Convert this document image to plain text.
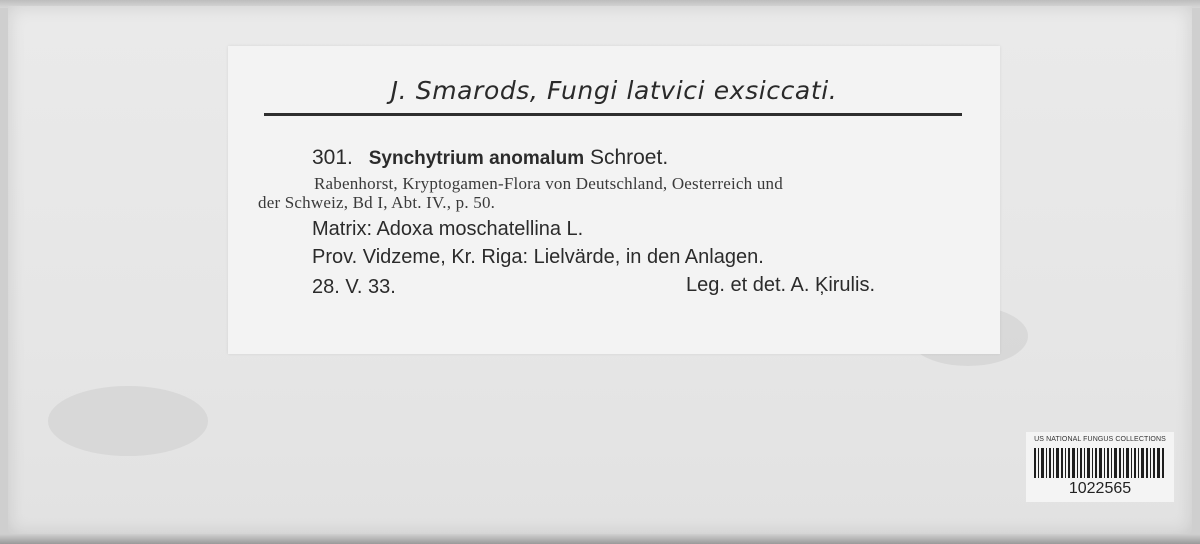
J. Smarods, Fungi latvici exsiccati.
301. Synchytrium anomalum Schroet.
Rabenhorst, Kryptogamen-Flora von Deutschland, Oesterreich und
der Schweiz, Bd I, Abt. IV., p. 50.
Matrix: Adoxa moschatellina L.
Prov. Vidzeme, Kr. Riga: Lielvärde, in den Anlagen.
28. V. 33.	Leg. et det. A. Ķirulis.
US NATIONAL FUNGUS COLLECTIONS
1022565
